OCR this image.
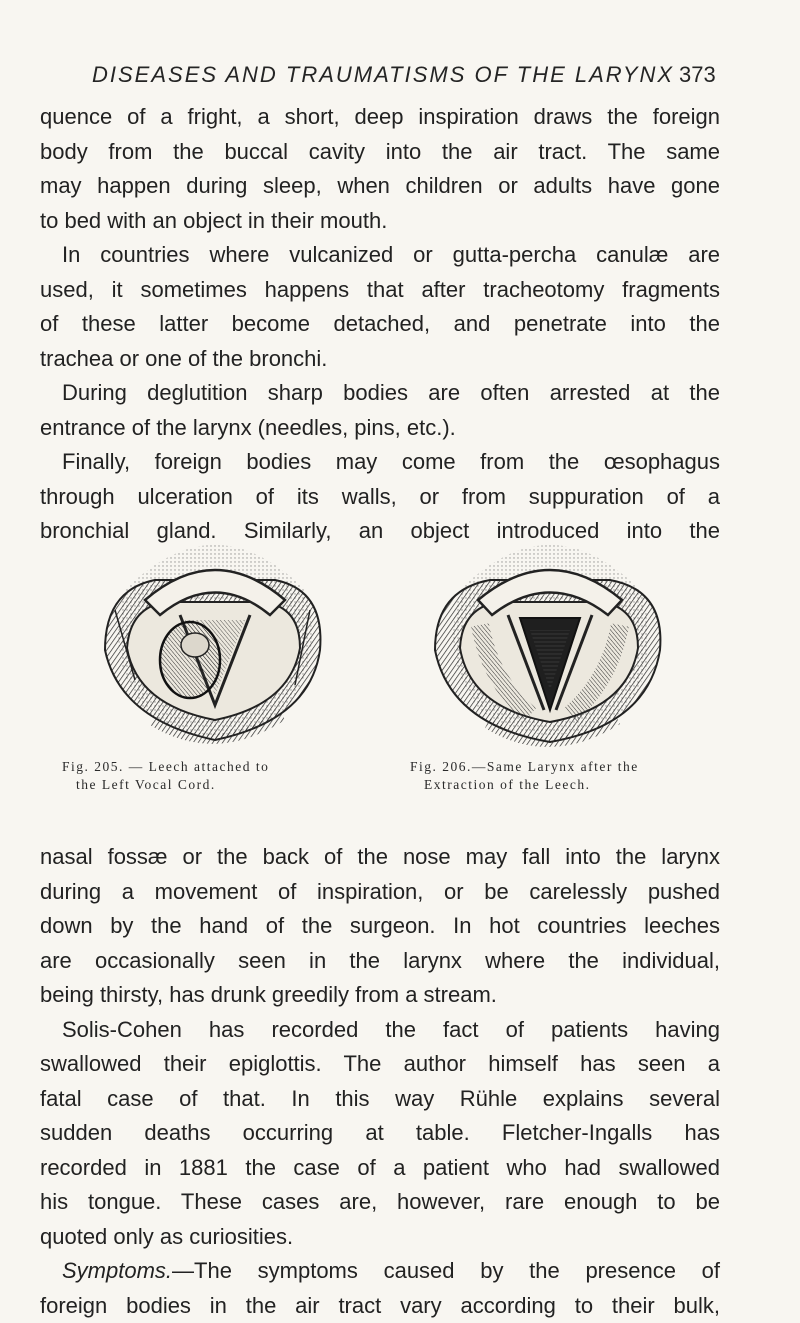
DISEASES AND TRAUMATISMS OF THE LARYNX 373
quence of a fright, a short, deep inspiration draws the foreign
body from the buccal cavity into the air tract. The same
may happen during sleep, when children or adults have gone
to bed with an object in their mouth.
In countries where vulcanized or gutta-percha canulæ are
used, it sometimes happens that after tracheotomy fragments
of these latter become detached, and penetrate into the
trachea or one of the bronchi.
During deglutition sharp bodies are often arrested at the
entrance of the larynx (needles, pins, etc.).
Finally, foreign bodies may come from the œsophagus
through ulceration of its walls, or from suppuration of a
bronchial gland. Similarly, an object introduced into the
Fig. 205. — Leech attached to
the Left Vocal Cord.
Fig. 206.—Same Larynx after the
Extraction of the Leech.
nasal fossæ or the back of the nose may fall into the larynx
during a movement of inspiration, or be carelessly pushed
down by the hand of the surgeon. In hot countries leeches
are occasionally seen in the larynx where the individual,
being thirsty, has drunk greedily from a stream.
Solis-Cohen has recorded the fact of patients having
swallowed their epiglottis. The author himself has seen a
fatal case of that. In this way Rühle explains several
sudden deaths occurring at table. Fletcher-Ingalls has
recorded in 1881 the case of a patient who had swallowed
his tongue. These cases are, however, rare enough to be
quoted only as curiosities.
Symptoms.—The symptoms caused by the presence of
foreign bodies in the air tract vary according to their bulk,
